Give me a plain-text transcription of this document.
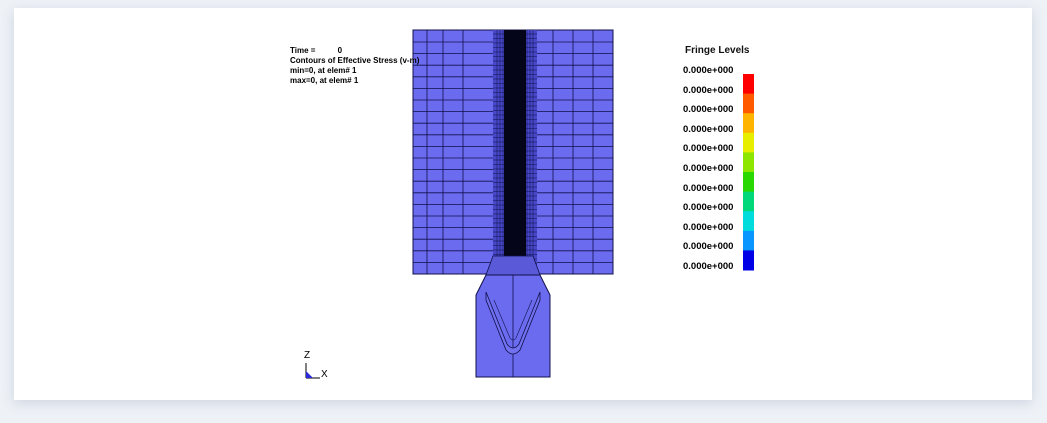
Time =	0
Contours of Effective Stress (v-m)
min=0, at elem# 1
max=0, at elem# 1
Fringe Levels
0.000e+000
0.000e+000
0.000e+000
0.000e+000
0.000e+000
0.000e+000
0.000e+000
0.000e+000
0.000e+000
0.000e+000
0.000e+000
Z
X
